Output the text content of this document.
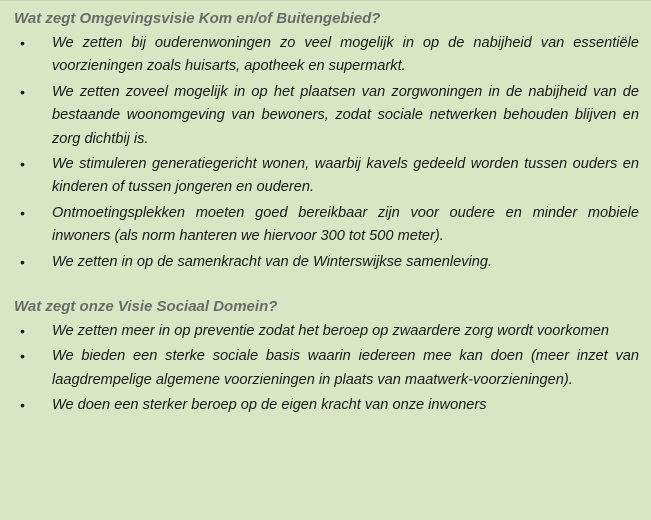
Wat zegt Omgevingsvisie Kom en/of Buitengebied?
• We zetten bij ouderenwoningen zo veel mogelijk in op de nabijheid van essentiële voorzieningen zoals huisarts, apotheek en supermarkt.
• We zetten zoveel mogelijk in op het plaatsen van zorgwoningen in de nabijheid van de bestaande woonomgeving van bewoners, zodat sociale netwerken behouden blijven en zorg dichtbij is.
• We stimuleren generatiegericht wonen, waarbij kavels gedeeld worden tussen ouders en kinderen of tussen jongeren en ouderen.
• Ontmoetingsplekken moeten goed bereikbaar zijn voor oudere en minder mobiele inwoners (als norm hanteren we hiervoor 300 tot 500 meter).
• We zetten in op de samenkracht van de Winterswijkse samenleving.
Wat zegt onze Visie Sociaal Domein?
• We zetten meer in op preventie zodat het beroep op zwaardere zorg wordt voorkomen
• We bieden een sterke sociale basis waarin iedereen mee kan doen (meer inzet van laagdrempelige algemene voorzieningen in plaats van maatwerk-voorzieningen).
• We doen een sterker beroep op de eigen kracht van onze inwoners
